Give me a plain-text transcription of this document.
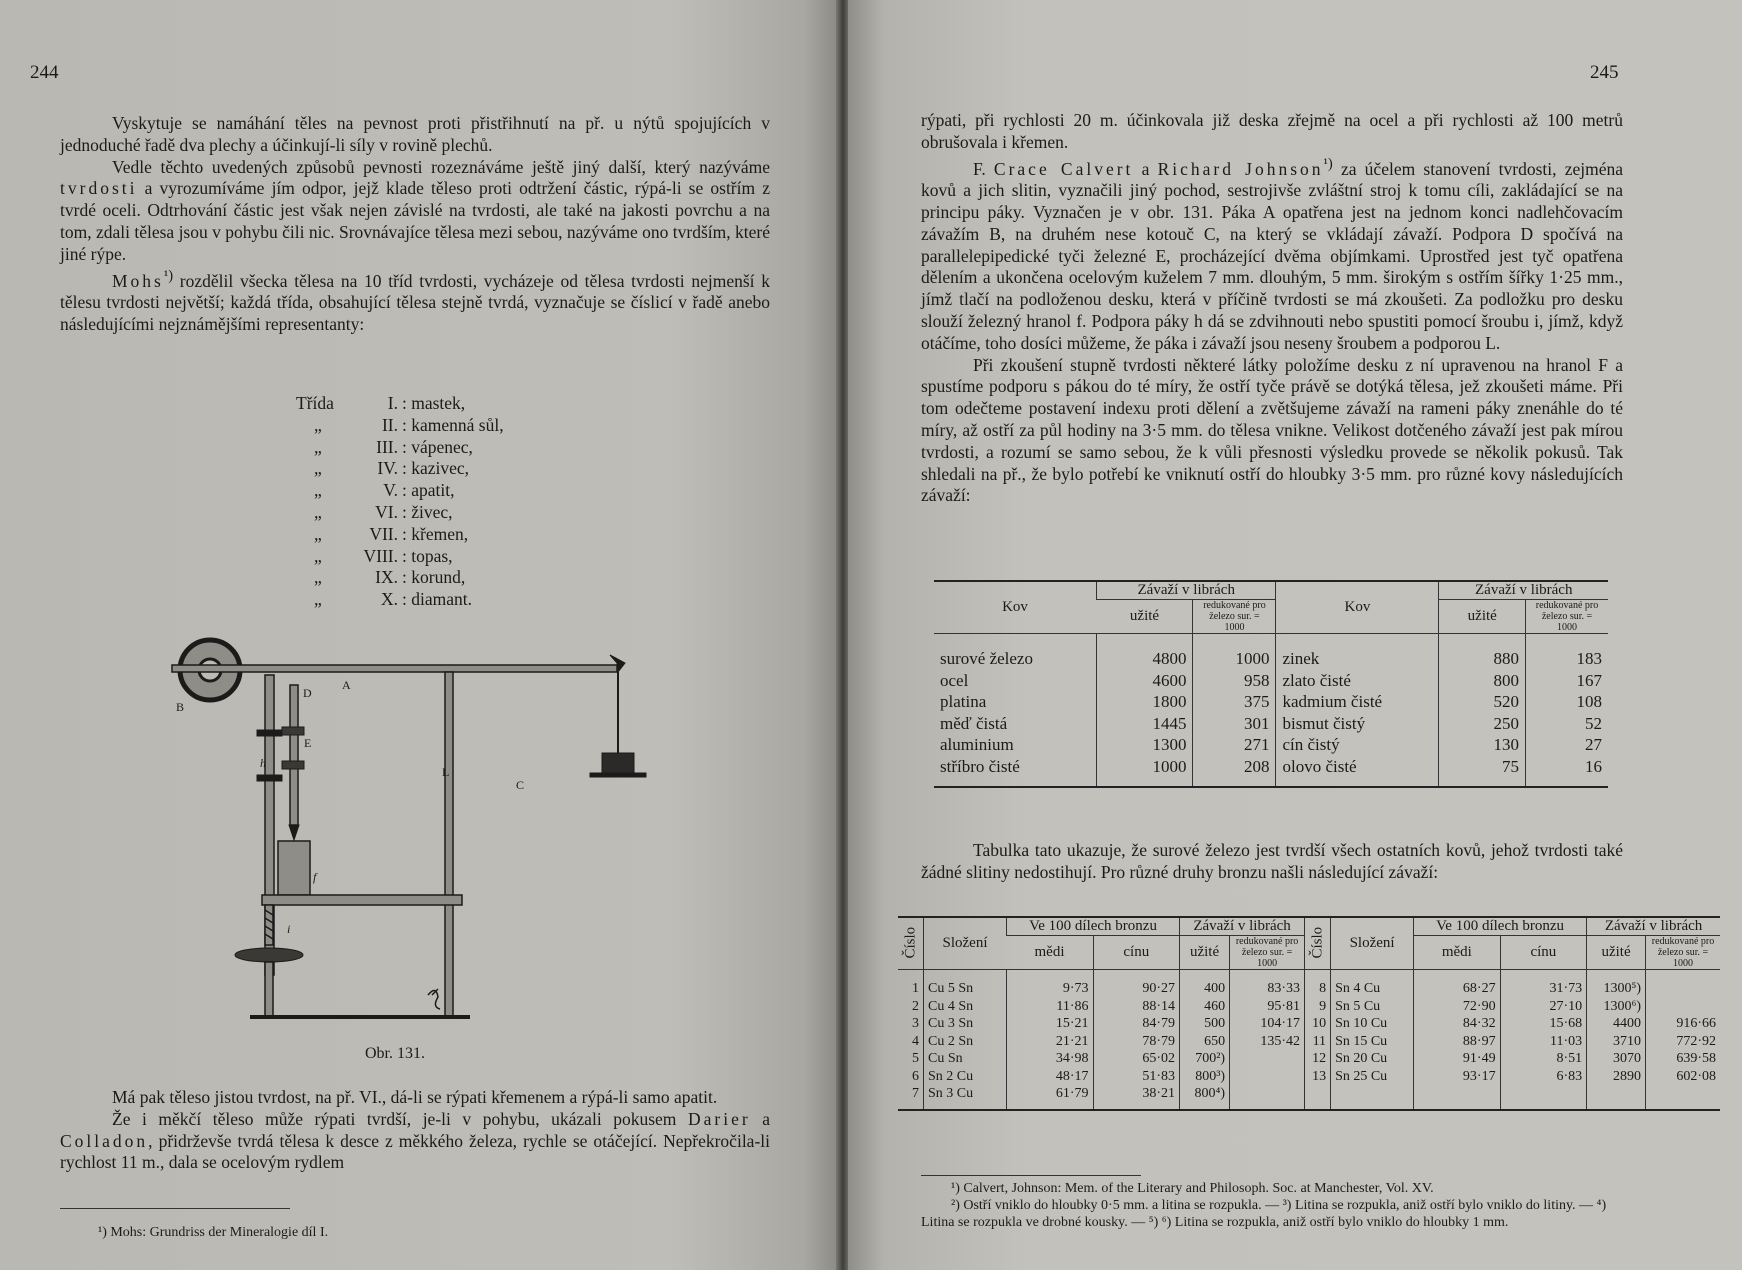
244

Vyskytuje se namáhání těles na pevnost proti přistřihnutí na př. u nýtů spojujících v jednoduché řadě dva plechy a účinkují-li síly v rovině plechů.

Vedle těchto uvedených způsobů pevnosti rozeznáváme ještě jiný další, který nazýváme tvrdosti a vyrozumíváme jím odpor, jejž klade těleso proti odtržení částic, rýpá-li se ostřím z tvrdé oceli. Odtrhování částic jest však nejen závislé na tvrdosti, ale také na jakosti povrchu a na tom, zdali tělesa jsou v pohybu čili nic. Srovnávajíce tělesa mezi sebou, nazýváme ono tvrdším, které jiné rýpe.

Mohs$^{^1)}$ rozdělil všecka tělesa na 10 tříd tvrdosti, vycházeje od tělesa tvrdosti nejmenší k tělesu tvrdosti největší; každá třída, obsahující tělesa stejně tvrdá, vyznačuje se číslicí v řadě anebo následujícími nejznámějšími representanty:

Třída	I. : mastek,
„	II. : kamenná sůl,
„	III. : vápenec,
„	IV. : kazivec,
„	V. : apatit,
„	VI. : živec,
„	VII. : křemen,
„	VIII. : topas,
„	IX. : korund,
„	X. : diamant.
A
B
C
D
E
f
h
i
L
Obr. 131.

Má pak těleso jistou tvrdost, na př. VI., dá-li se rýpati křemenem a rýpá-li samo apatit.

Že i měkčí těleso může rýpati tvrdší, je-li v pohybu, ukázali pokusem Darier a Colladon, přidrževše tvrdá tělesa k desce z měkkého železa, rychle se otáčející. Nepřekročila-li rychlost 11 m., dala se ocelovým rydlem

¹) Mohs: Grundriss der Mineralogie díl I.
245

rýpati, při rychlosti 20 m. účinkovala již deska zřejmě na ocel a při rychlosti až 100 metrů obrušovala i křemen.

F. Crace Calvert a Richard Johnson$^{^1)}$ za účelem stanovení tvrdosti, zejména kovů a jich slitin, vyznačili jiný pochod, sestrojivše zvláštní stroj k tomu cíli, zakládající se na principu páky. Vyznačen je v obr. 131. Páka A opatřena jest na jednom konci nadlehčovacím závažím B, na druhém nese kotouč C, na který se vkládají závaží. Podpora D spočívá na parallelepipedické tyči železné E, procházející dvěma objímkami. Uprostřed jest tyč opatřena dělením a ukončena ocelovým kuželem 7 mm. dlouhým, 5 mm. širokým s ostřím šířky 1·25 mm., jímž tlačí na podloženou desku, která v příčině tvrdosti se má zkoušeti. Za podložku pro desku slouží železný hranol f. Podpora páky h dá se zdvihnouti nebo spustiti pomocí šroubu i, jímž, když otáčíme, toho dosíci můžeme, že páka i závaží jsou neseny šroubem a podporou L.

Při zkoušení stupně tvrdosti některé látky položíme desku z ní upravenou na hranol F a spustíme podporu s pákou do té míry, že ostří tyče právě se dotýká tělesa, jež zkoušeti máme. Při tom odečteme postavení indexu proti dělení a zvětšujeme závaží na rameni páky znenáhle do té míry, až ostří za půl hodiny na 3·5 mm. do tělesa vnikne. Velikost dotčeného závaží jest pak mírou tvrdosti, a rozumí se samo sebou, že k vůli přesnosti výsledku provede se několik pokusů. Tak shledali na př., že bylo potřebí ke vniknutí ostří do hloubky 3·5 mm. pro různé kovy následujících závaží:

Kov	Závaží v librách		Kov	Závaží v librách	
	užité	redukované pro železo sur. = 1000		užité	redukované pro železo sur. = 1000
surové železo	4800	1000	zinek	880	183
ocel	4600	958	zlato čisté	800	167
platina	1800	375	kadmium čisté	520	108
měď čistá	1445	301	bismut čistý	250	52
aluminium	1300	271	cín čistý	130	27
stříbro čisté	1000	208	olovo čisté	75	16

Tabulka tato ukazuje, že surové železo jest tvrdší všech ostatních kovů, jehož tvrdosti také žádné slitiny nedostihují. Pro různé druhy bronzu našli následující závaží:

Číslo	Složení	Ve 100 dílech bronzu		Závaží v librách		Číslo	Složení	Ve 100 dílech bronzu		Závaží v librách	
		mědi	cínu	užité	redukované pro železo sur. = 1000			mědi	cínu	užité	redukované pro železo sur. = 1000
1	Cu 5 Sn	9·73	90·27	400	83·33	8	Sn 4 Cu	68·27	31·73	1300⁵)	
2	Cu 4 Sn	11·86	88·14	460	95·81	9	Sn 5 Cu	72·90	27·10	1300⁶)	
3	Cu 3 Sn	15·21	84·79	500	104·17	10	Sn 10 Cu	84·32	15·68	4400	916·66
4	Cu 2 Sn	21·21	78·79	650	135·42	11	Sn 15 Cu	88·97	11·03	3710	772·92
5	Cu Sn	34·98	65·02	700²)		12	Sn 20 Cu	91·49	8·51	3070	639·58
6	Sn 2 Cu	48·17	51·83	800³)		13	Sn 25 Cu	93·17	6·83	2890	602·08
7	Sn 3 Cu	61·79	38·21	800⁴)							
¹) Calvert, Johnson: Mem. of the Literary and Philosoph. Soc. at Manchester, Vol. XV.
²) Ostří vniklo do hloubky 0·5 mm. a litina se rozpukla. — ³) Litina se rozpukla, aniž ostří bylo vniklo do litiny. — ⁴) Litina se rozpukla ve drobné kousky. — ⁵) ⁶) Litina se rozpukla, aniž ostří bylo vniklo do hloubky 1 mm.
